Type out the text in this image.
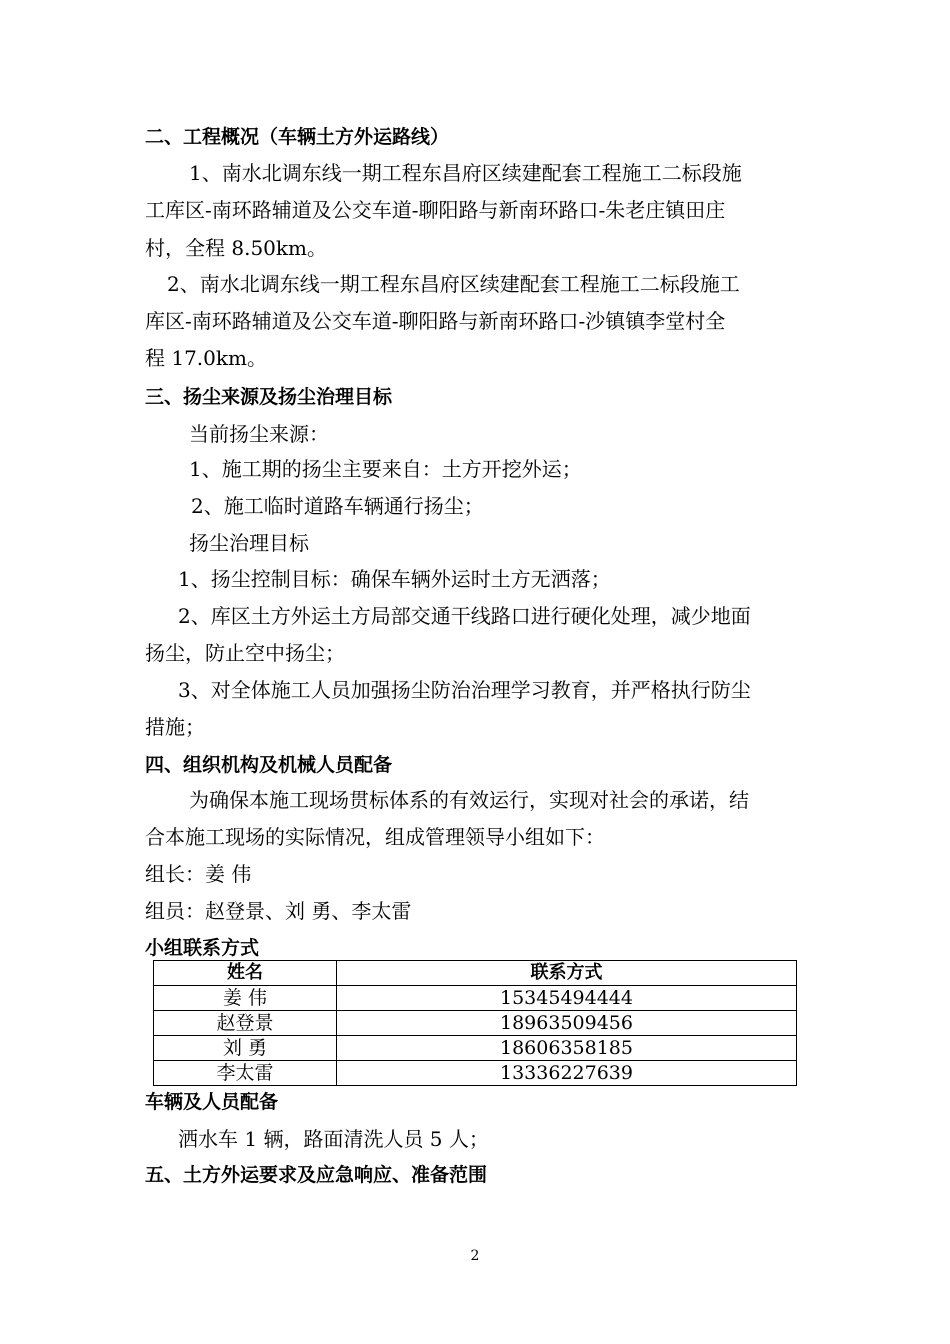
二、工程概况（车辆土方外运路线）
1、南水北调东线一期工程东昌府区续建配套工程施工二标段施
工库区-南环路辅道及公交车道-聊阳路与新南环路口-朱老庄镇田庄
村，全程 8.50km。
2、南水北调东线一期工程东昌府区续建配套工程施工二标段施工
库区-南环路辅道及公交车道-聊阳路与新南环路口-沙镇镇李堂村全
程 17.0km。
三、扬尘来源及扬尘治理目标
当前扬尘来源：
1、施工期的扬尘主要来自：土方开挖外运；
2、施工临时道路车辆通行扬尘；
扬尘治理目标
1、扬尘控制目标：确保车辆外运时土方无洒落；
2、库区土方外运土方局部交通干线路口进行硬化处理，减少地面
扬尘，防止空中扬尘；
3、对全体施工人员加强扬尘防治治理学习教育，并严格执行防尘
措施；
四、组织机构及机械人员配备
为确保本施工现场贯标体系的有效运行，实现对社会的承诺，结
合本施工现场的实际情况，组成管理领导小组如下：
组长：姜 伟
组员：赵登景、刘 勇、李太雷
小组联系方式
姓名	联系方式
姜 伟	15345494444
赵登景	18963509456
刘 勇	18606358185
李太雷	13336227639
车辆及人员配备
洒水车 1 辆，路面清洗人员 5 人；
五、土方外运要求及应急响应、准备范围
2
